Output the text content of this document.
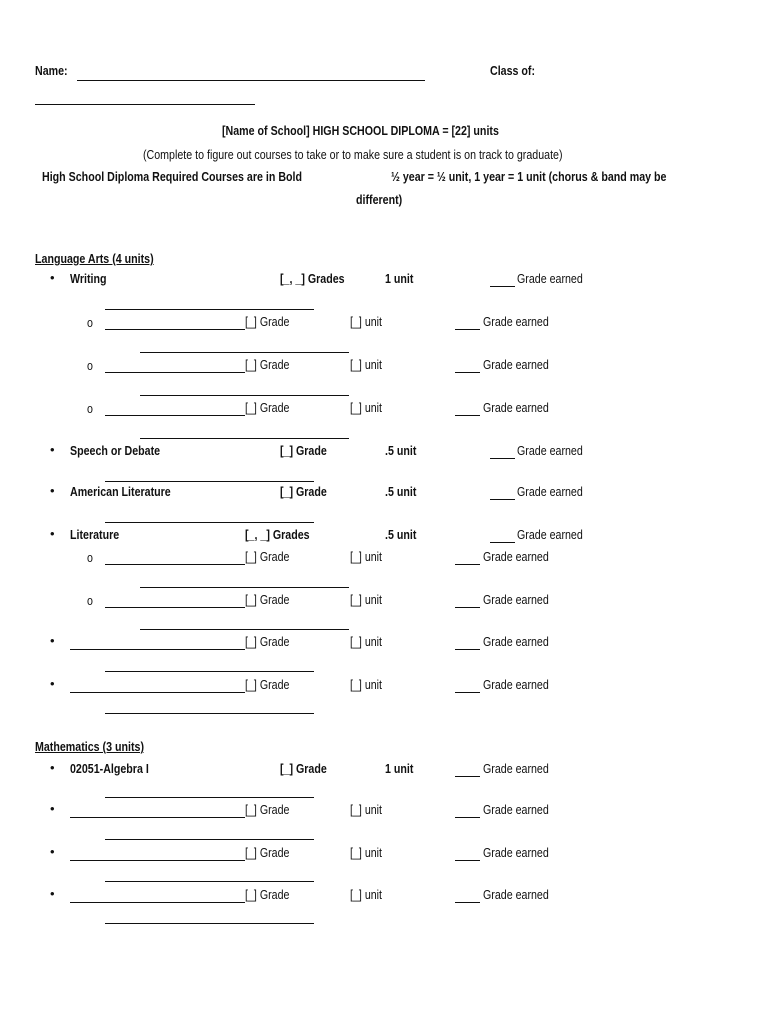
Name:	Class of:
[Name of School] HIGH SCHOOL DIPLOMA = [22] units
(Complete to figure out courses to take or to make sure a student is on track to graduate)
High School Diploma Required Courses are in Bold	½ year = ½ unit, 1 year = 1 unit (chorus & band may be
different)
Language Arts (4 units)
• Writing	[_, _] Grades	1 unit	Grade earned
o	[_] Grade	[_] unit	Grade earned
o	[_] Grade	[_] unit	Grade earned
o	[_] Grade	[_] unit	Grade earned
• Speech or Debate	[_] Grade	.5 unit	Grade earned
• American Literature	[_] Grade	.5 unit	Grade earned
• Literature	[_, _] Grades	.5 unit	Grade earned
o	[_] Grade	[_] unit	Grade earned
o	[_] Grade	[_] unit	Grade earned
•	[_] Grade	[_] unit	Grade earned
•	[_] Grade	[_] unit	Grade earned
Mathematics (3 units)
• 02051-Algebra I	[_] Grade	1 unit	Grade earned
•	[_] Grade	[_] unit	Grade earned
•	[_] Grade	[_] unit	Grade earned
•	[_] Grade	[_] unit	Grade earned
